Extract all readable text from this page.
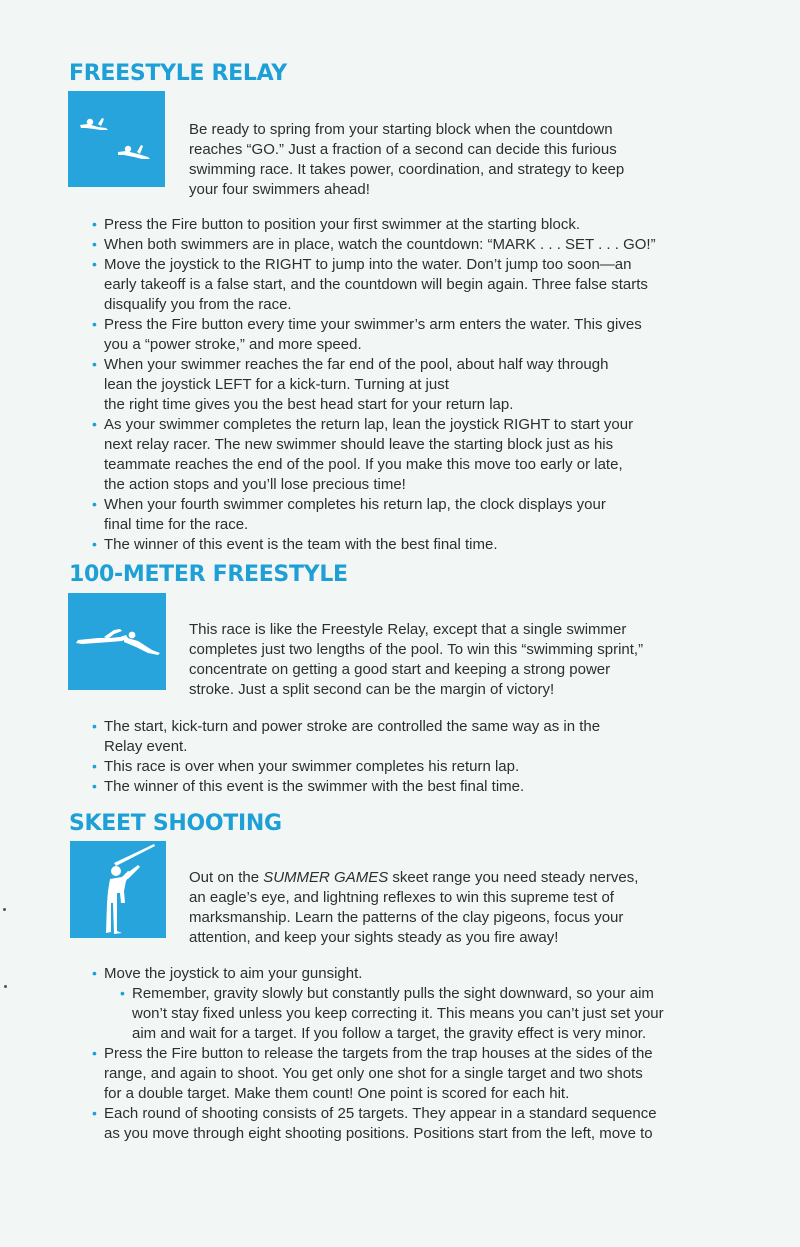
FREESTYLE RELAY
Be ready to spring from your starting block when the countdown
reaches “GO.” Just a fraction of a second can decide this furious
swimming race. It takes power, coordination, and strategy to keep
your four swimmers ahead!
• Press the Fire button to position your first swimmer at the starting block.
• When both swimmers are in place, watch the countdown: “MARK . . . SET . . . GO!”
• Move the joystick to the RIGHT to jump into the water. Don’t jump too soon—an
early takeoff is a false start, and the countdown will begin again. Three false starts
disqualify you from the race.
• Press the Fire button every time your swimmer’s arm enters the water. This gives
you a “power stroke,” and more speed.
• When your swimmer reaches the far end of the pool, about half way through
lean the joystick LEFT for a kick-turn. Turning at just
the right time gives you the best head start for your return lap.
• As your swimmer completes the return lap, lean the joystick RIGHT to start your
next relay racer. The new swimmer should leave the starting block just as his
teammate reaches the end of the pool. If you make this move too early or late,
the action stops and you’ll lose precious time!
• When your fourth swimmer completes his return lap, the clock displays your
final time for the race.
• The winner of this event is the team with the best final time.
100-METER FREESTYLE
This race is like the Freestyle Relay, except that a single swimmer
completes just two lengths of the pool. To win this “swimming sprint,”
concentrate on getting a good start and keeping a strong power
stroke. Just a split second can be the margin of victory!
• The start, kick-turn and power stroke are controlled the same way as in the
Relay event.
• This race is over when your swimmer completes his return lap.
• The winner of this event is the swimmer with the best final time.
SKEET SHOOTING
Out on the SUMMER GAMES skeet range you need steady nerves,
an eagle’s eye, and lightning reflexes to win this supreme test of
marksmanship. Learn the patterns of the clay pigeons, focus your
attention, and keep your sights steady as you fire away!
• Move the joystick to aim your gunsight.
• Remember, gravity slowly but constantly pulls the sight downward, so your aim
won’t stay fixed unless you keep correcting it. This means you can’t just set your
aim and wait for a target. If you follow a target, the gravity effect is very minor.
• Press the Fire button to release the targets from the trap houses at the sides of the
range, and again to shoot. You get only one shot for a single target and two shots
for a double target. Make them count! One point is scored for each hit.
• Each round of shooting consists of 25 targets. They appear in a standard sequence
as you move through eight shooting positions. Positions start from the left, move to
